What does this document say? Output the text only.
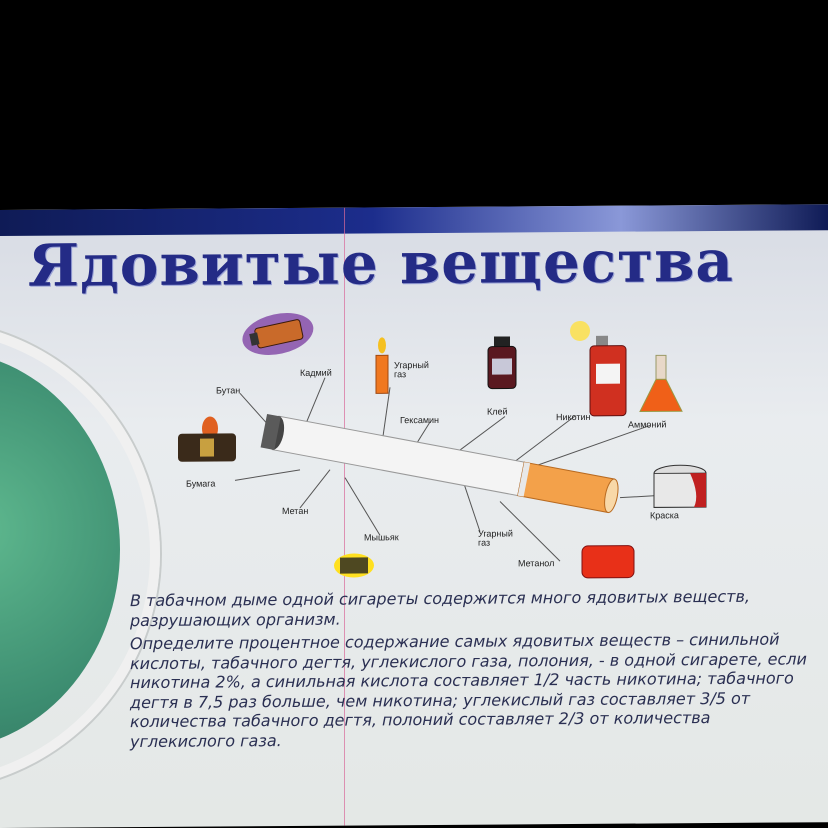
Ядовитые вещества
Кадмий
Угарный
газ
Бутан
Гексамин
Клей
Никотин
Аммоний
Бумага
Метан	Краска
Мышьяк	Угарный
газ
Метанол

В табачном дыме одной сигареты содержится много ядовитых веществ, разрушающих организм.

Определите процентное содержание самых ядовитых веществ – синильной кислоты, табачного дегтя, углекислого газа, полония, - в одной сигарете, если никотина 2%, а синильная кислота составляет 1/2 часть никотина; табачного дегтя в 7,5 раз больше, чем никотина; углекислый газ составляет 3/5 от количества табачного дегтя, полоний составляет 2/3 от количества углекислого газа.
